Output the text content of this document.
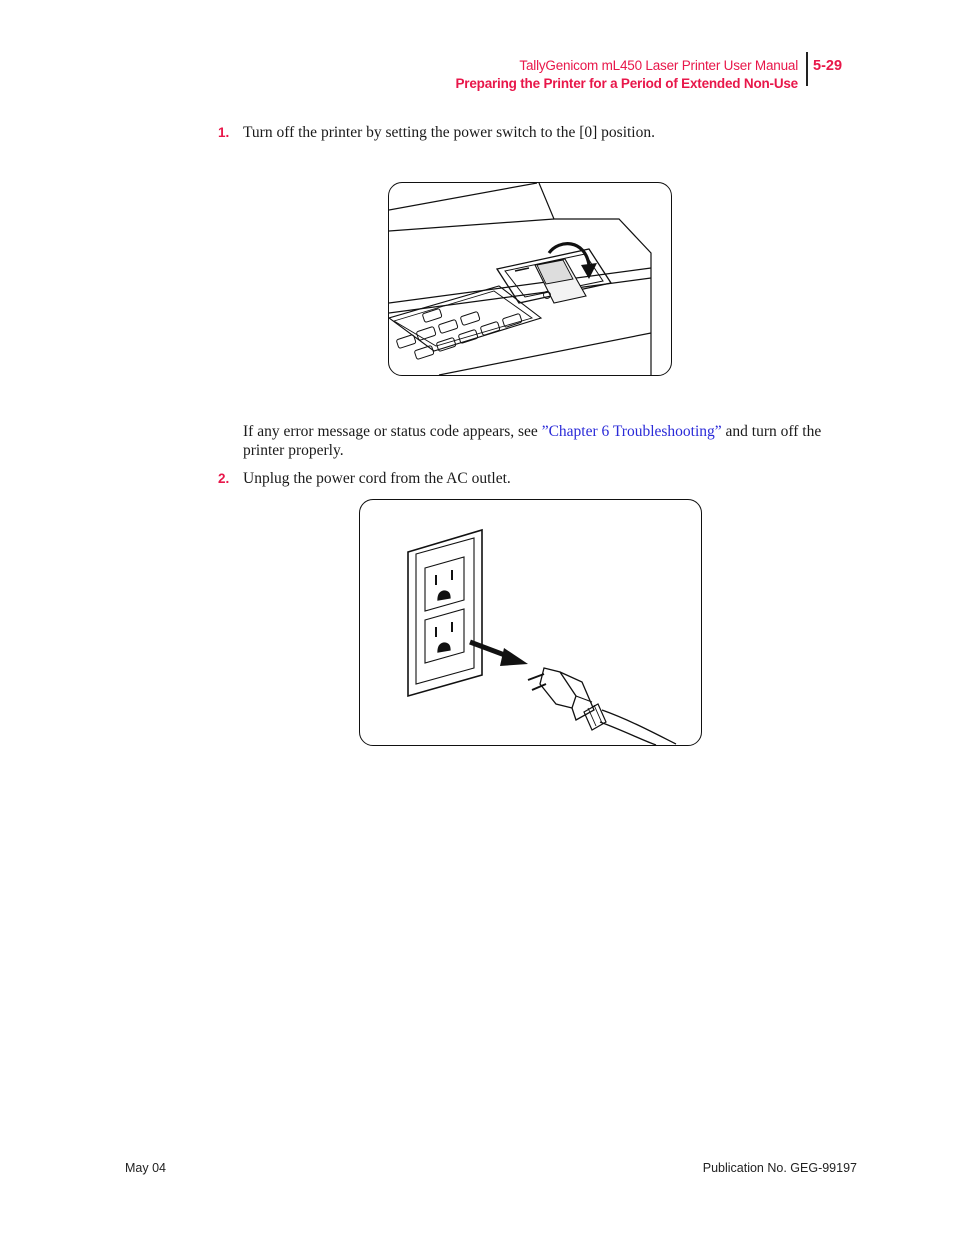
TallyGenicom mL450 Laser Printer User Manual
Preparing the Printer for a Period of Extended Non-Use
5-29
1. Turn off the printer by setting the power switch to the [0] position.
If any error message or status code appears, see ”Chapter 6 Troubleshooting” and turn off the printer properly.
2. Unplug the power cord from the AC outlet.
May 04	Publication No. GEG-99197
